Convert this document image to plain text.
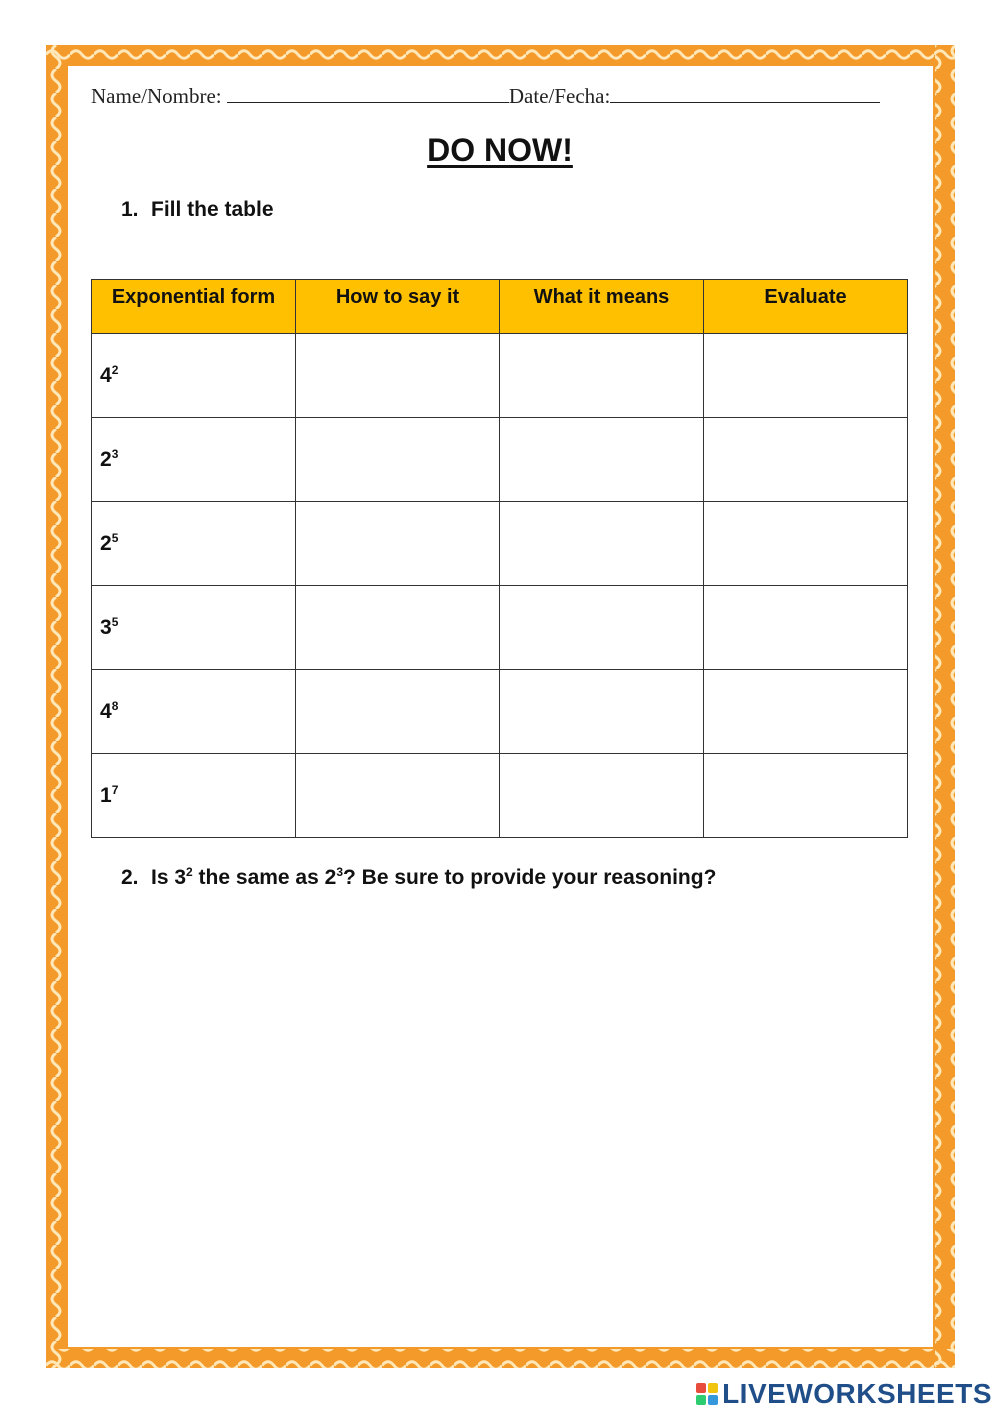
Name/Nombre:	Date/Fecha:
DO NOW!
1. Fill the table
Exponential form	How to say it	What it means	Evaluate
$4^2$			
$2^3$			
$2^5$			
$3^5$			
$4^8$			
$1^7$			
2. Is $3^2$ the same as $2^3$? Be sure to provide your reasoning?
LIVEWORKSHEETS
